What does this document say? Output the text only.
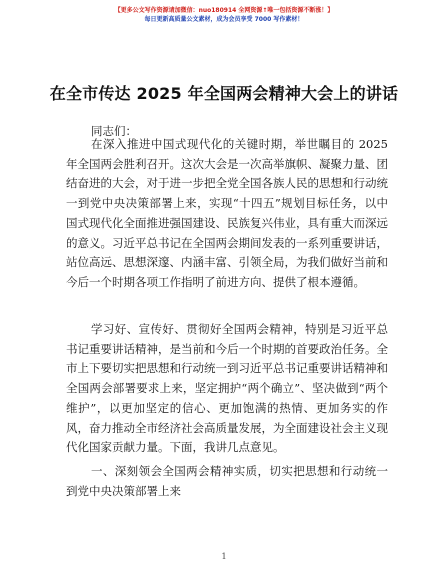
【更多公文写作资源请加微信：nuo180914 全网资源↑唯一包括资源不断涨！】
每日更新高质量公文素材，成为会员享受 7000 写作素材！
在全市传达 2025 年全国两会精神大会上的讲话
同志们：

在深入推进中国式现代化的关键时期，举世瞩目的 2025 年全国两会胜利召开。这次大会是一次高举旗帜、凝聚力量、团结奋进的大会，对于进一步把全党全国各族人民的思想和行动统一到党中央决策部署上来，实现“十四五”规划目标任务，以中国式现代化全面推进强国建设、民族复兴伟业，具有重大而深远的意义。习近平总书记在全国两会期间发表的一系列重要讲话，站位高远、思想深邃、内涵丰富、引领全局，为我们做好当前和今后一个时期各项工作指明了前进方向、提供了根本遵循。

学习好、宣传好、贯彻好全国两会精神，特别是习近平总书记重要讲话精神，是当前和今后一个时期的首要政治任务。全市上下要切实把思想和行动统一到习近平总书记重要讲话精神和全国两会部署要求上来，坚定拥护“两个确立”、坚决做到“两个维护”，以更加坚定的信心、更加饱满的热情、更加务实的作风，奋力推动全市经济社会高质量发展，为全面建设社会主义现代化国家贡献力量。下面，我讲几点意见。

一、深刻领会全国两会精神实质，切实把思想和行动统一到党中央决策部署上来

1
